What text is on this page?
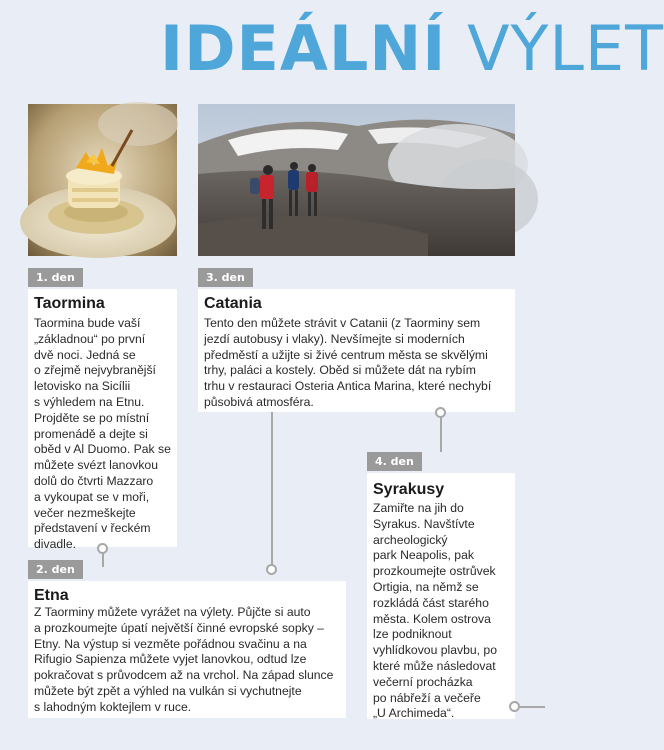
IDEÁLNÍ VÝLET
1. den
Taormina
Taormina bude vaší
„základnou“ po první
dvě noci. Jedná se
o zřejmě nejvybranější
letovisko na Sicílii
s výhledem na Etnu.
Projděte se po místní
promenádě a dejte si
oběd v Al Duomo. Pak se
můžete svézt lanovkou
dolů do čtvrti Mazzaro
a vykoupat se v moři,
večer nezmeškejte
představení v řeckém
divadle.
2. den
Etna
Z Taorminy můžete vyrážet na výlety. Půjčte si auto
a prozkoumejte úpatí největší činné evropské sopky –
Etny. Na výstup si vezměte pořádnou svačinu a na
Rifugio Sapienza můžete vyjet lanovkou, odtud lze
pokračovat s průvodcem až na vrchol. Na západ slunce
můžete být zpět a výhled na vulkán si vychutnejte
s lahodným koktejlem v ruce.
3. den
Catania
Tento den můžete strávit v Catanii (z Taorminy sem
jezdí autobusy i vlaky). Nevšímejte si moderních
předměstí a užijte si živé centrum města se skvělými
trhy, paláci a kostely. Oběd si můžete dát na rybím
trhu v restauraci Osteria Antica Marina, které nechybí
působivá atmosféra.
4. den
Syrakusy
Zamiřte na jih do
Syrakus. Navštívte
archeologický
park Neapolis, pak
prozkoumejte ostrůvek
Ortigia, na němž se
rozkládá část starého
města. Kolem ostrova
lze podniknout
vyhlídkovou plavbu, po
které může následovat
večerní procházka
po nábřeží a večeře
„U Archimeda“.
